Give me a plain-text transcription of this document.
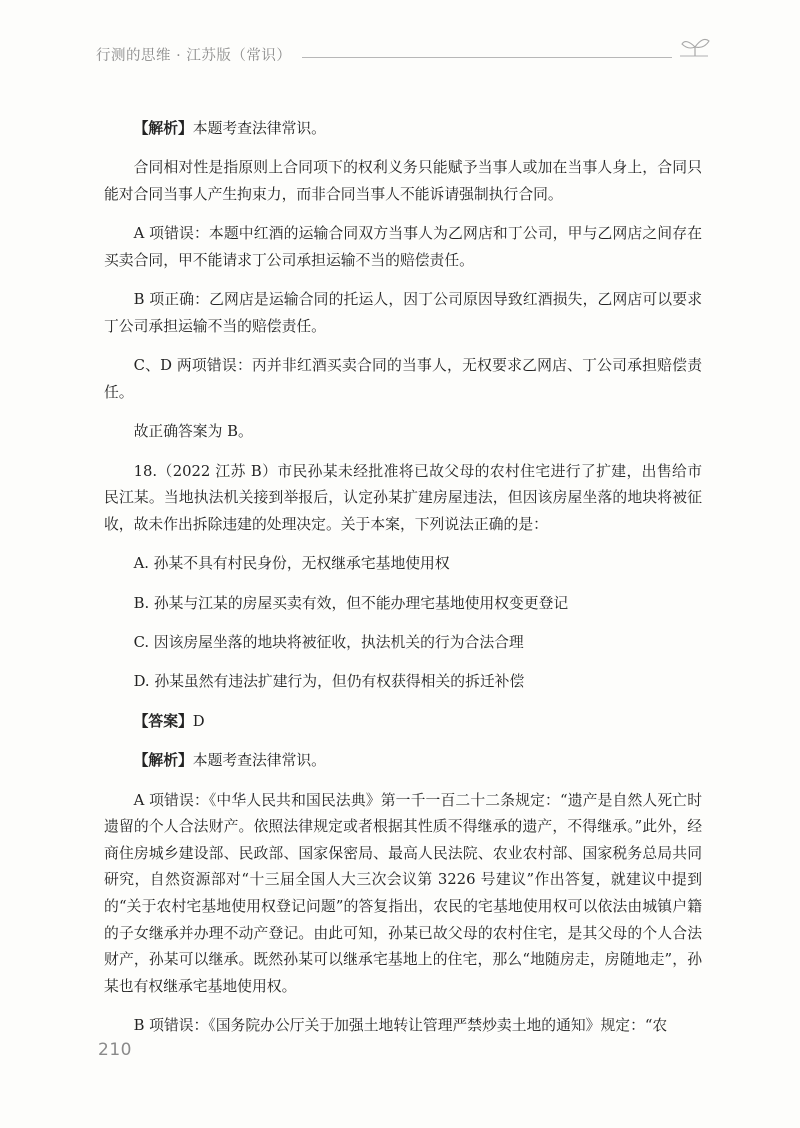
行测的思维 · 江苏版（常识）

【解析】本题考查法律常识。

合同相对性是指原则上合同项下的权利义务只能赋予当事人或加在当事人身上，合同只能对合同当事人产生拘束力，而非合同当事人不能诉请强制执行合同。

A 项错误：本题中红酒的运输合同双方当事人为乙网店和丁公司，甲与乙网店之间存在买卖合同，甲不能请求丁公司承担运输不当的赔偿责任。

B 项正确：乙网店是运输合同的托运人，因丁公司原因导致红酒损失，乙网店可以要求丁公司承担运输不当的赔偿责任。

C、D 两项错误：丙并非红酒买卖合同的当事人，无权要求乙网店、丁公司承担赔偿责任。

故正确答案为 B。

18.（2022 江苏 B）市民孙某未经批准将已故父母的农村住宅进行了扩建，出售给市民江某。当地执法机关接到举报后，认定孙某扩建房屋违法，但因该房屋坐落的地块将被征收，故未作出拆除违建的处理决定。关于本案，下列说法正确的是：

A. 孙某不具有村民身份，无权继承宅基地使用权

B. 孙某与江某的房屋买卖有效，但不能办理宅基地使用权变更登记

C. 因该房屋坐落的地块将被征收，执法机关的行为合法合理

D. 孙某虽然有违法扩建行为，但仍有权获得相关的拆迁补偿

【答案】D

【解析】本题考查法律常识。

A 项错误：《中华人民共和国民法典》第一千一百二十二条规定：“遗产是自然人死亡时遗留的个人合法财产。依照法律规定或者根据其性质不得继承的遗产，不得继承。”此外，经商住房城乡建设部、民政部、国家保密局、最高人民法院、农业农村部、国家税务总局共同研究，自然资源部对“十三届全国人大三次会议第 3226 号建议”作出答复，就建议中提到的“关于农村宅基地使用权登记问题”的答复指出，农民的宅基地使用权可以依法由城镇户籍的子女继承并办理不动产登记。由此可知，孙某已故父母的农村住宅，是其父母的个人合法财产，孙某可以继承。既然孙某可以继承宅基地上的住宅，那么“地随房走，房随地走”，孙某也有权继承宅基地使用权。

B 项错误：《国务院办公厅关于加强土地转让管理严禁炒卖土地的通知》规定：“农

210
